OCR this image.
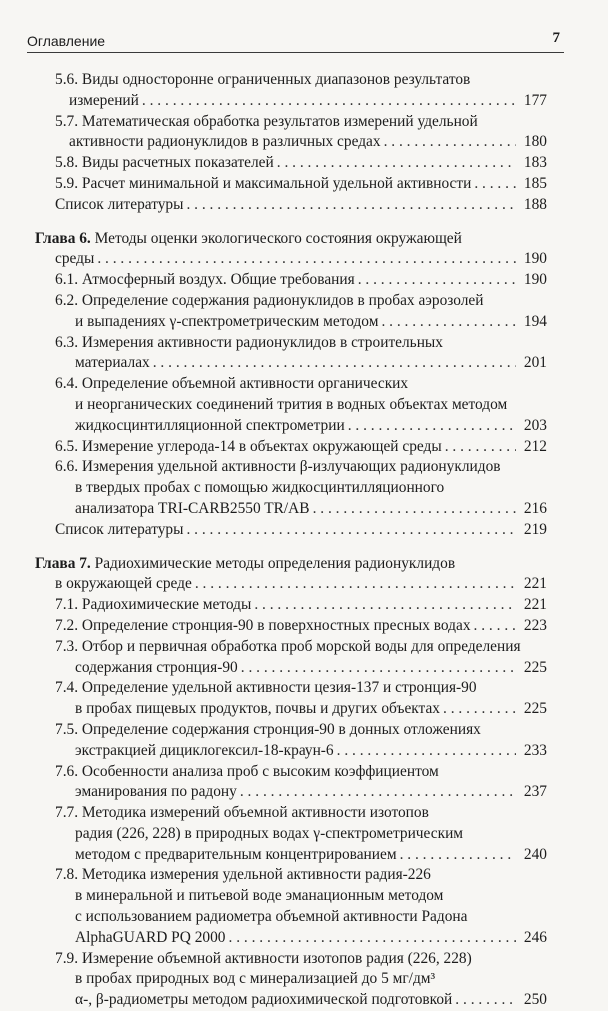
Оглавление	7
5.6. Виды односторонне ограниченных диапазонов результатов
измерений . . .	177
5.7. Математическая обработка результатов измерений удельной
активности радионуклидов в различных средах . . .	180
5.8. Виды расчетных показателей . . .	183
5.9. Расчет минимальной и максимальной удельной активности . . .	185
Список литературы . . .	188
Глава 6. Методы оценки экологического состояния окружающей
среды . . .	190
6.1. Атмосферный воздух. Общие требования . . .	190
6.2. Определение содержания радионуклидов в пробах аэрозолей
и выпадениях γ-спектрометрическим методом . . .	194
6.3. Измерения активности радионуклидов в строительных
материалах . . .	201
6.4. Определение объемной активности органических
и неорганических соединений трития в водных объектах методом
жидкосцинтилляционной спектрометрии . . .	203
6.5. Измерение углерода-14 в объектах окружающей среды . . .	212
6.6. Измерения удельной активности β-излучающих радионуклидов
в твердых пробах с помощью жидкосцинтилляционного
анализатора TRI-CARB2550 TR/AB . . .	216
Список литературы . . .	219
Глава 7. Радиохимические методы определения радионуклидов
в окружающей среде . . .	221
7.1. Радиохимические методы . . .	221
7.2. Определение стронция-90 в поверхностных пресных водах . . .	223
7.3. Отбор и первичная обработка проб морской воды для определения
содержания стронция-90 . . .	225
7.4. Определение удельной активности цезия-137 и стронция-90
в пробах пищевых продуктов, почвы и других объектах . . .	225
7.5. Определение содержания стронция-90 в донных отложениях
экстракцией дициклогексил-18-краун-6 . . .	233
7.6. Особенности анализа проб с высоким коэффициентом
эманирования по радону . . .	237
7.7. Методика измерений объемной активности изотопов
радия (226, 228) в природных водах γ-спектрометрическим
методом с предварительным концентрированием . . .	240
7.8. Методика измерения удельной активности радия-226
в минеральной и питьевой воде эманационным методом
с использованием радиометра объемной активности Радона
AlphaGUARD PQ 2000 . . .	246
7.9. Измерение объемной активности изотопов радия (226, 228)
в пробах природных вод с минерализацией до 5 мг/дм³
α-, β-радиометры методом радиохимической подготовкой . . .	250
